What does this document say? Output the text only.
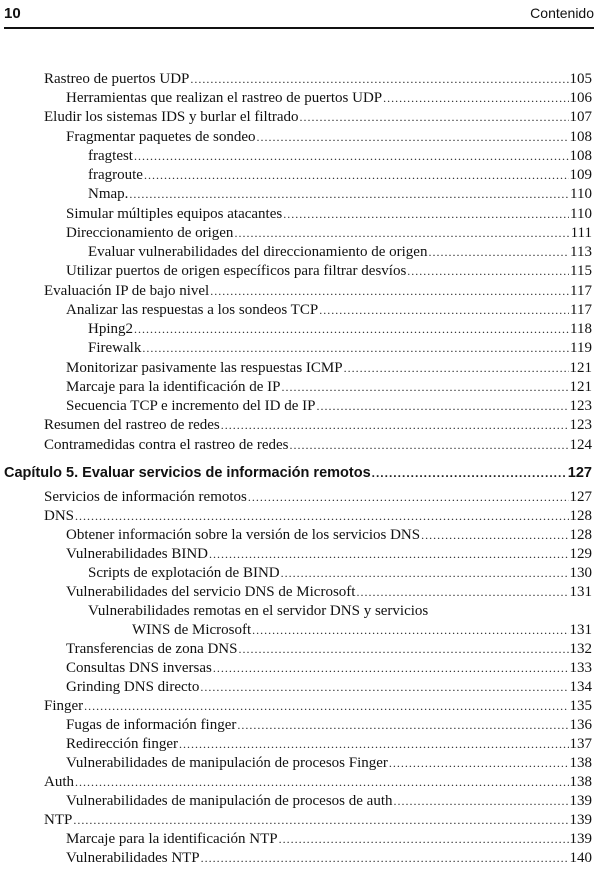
10	Contenido
Rastreo de puertos UDP .....	105
Herramientas que realizan el rastreo de puertos UDP .....	106
Eludir los sistemas IDS y burlar el filtrado .....	107
Fragmentar paquetes de sondeo .....	108
fragtest .....	108
fragroute .....	109
Nmap. .....	110
Simular múltiples equipos atacantes .....	110
Direccionamiento de origen .....	111
Evaluar vulnerabilidades del direccionamiento de origen .....	113
Utilizar puertos de origen específicos para filtrar desvíos .....	115
Evaluación IP de bajo nivel .....	117
Analizar las respuestas a los sondeos TCP .....	117
Hping2 .....	118
Firewalk .....	119
Monitorizar pasivamente las respuestas ICMP .....	121
Marcaje para la identificación de IP .....	121
Secuencia TCP e incremento del ID de IP .....	123
Resumen del rastreo de redes .....	123
Contramedidas contra el rastreo de redes .....	124
Capítulo 5. Evaluar servicios de información remotos .....	127
Servicios de información remotos .....	127
DNS .....	128
Obtener información sobre la versión de los servicios DNS .....	128
Vulnerabilidades BIND .....	129
Scripts de explotación de BIND .....	130
Vulnerabilidades del servicio DNS de Microsoft .....	131
Vulnerabilidades remotas en el servidor DNS y servicios
WINS de Microsoft .....	131
Transferencias de zona DNS .....	132
Consultas DNS inversas .....	133
Grinding DNS directo .....	134
Finger .....	135
Fugas de información finger .....	136
Redirección finger .....	137
Vulnerabilidades de manipulación de procesos Finger .....	138
Auth .....	138
Vulnerabilidades de manipulación de procesos de auth .....	139
NTP .....	139
Marcaje para la identificación NTP .....	139
Vulnerabilidades NTP .....	140
